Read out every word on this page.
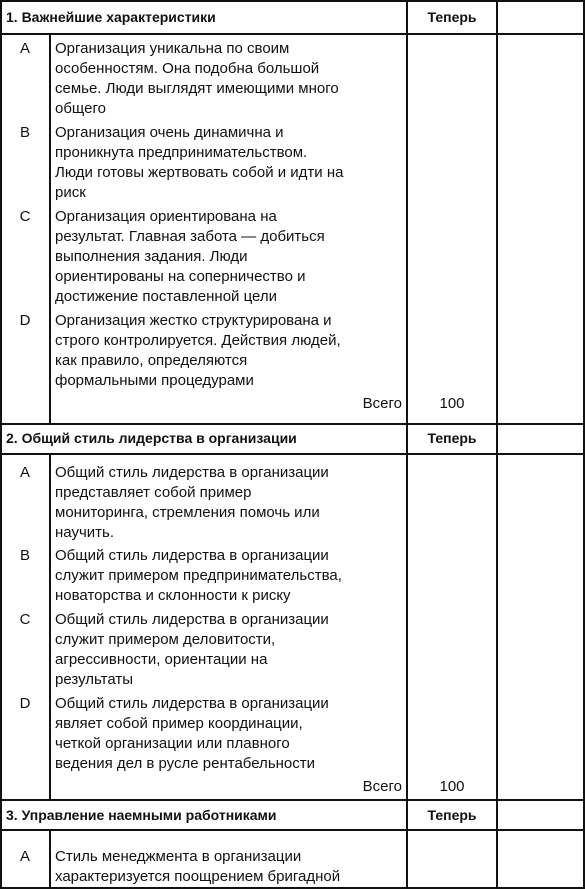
1. Важнейшие характеристики	Теперь
A	Организация уникальна по своим
особенностям. Она подобна большой
семье. Люди выглядят имеющими много
общего
B	Организация очень динамична и
проникнута предпринимательством.
Люди готовы жертвовать собой и идти на
риск
C	Организация ориентирована на
результат. Главная забота — добиться
выполнения задания. Люди
ориентированы на соперничество и
достижение поставленной цели
D	Организация жестко структурирована и
строго контролируется. Действия людей,
как правило, определяются
формальными процедурами
Всего	100
2. Общий стиль лидерства в организации	Теперь
A	Общий стиль лидерства в организации
представляет собой пример
мониторинга, стремления помочь или
научить.
B	Общий стиль лидерства в организации
служит примером предпринимательства,
новаторства и склонности к риску
C	Общий стиль лидерства в организации
служит примером деловитости,
агрессивности, ориентации на
результаты
D	Общий стиль лидерства в организации
являет собой пример координации,
четкой организации или плавного
ведения дел в русле рентабельности
Всего	100
3. Управление наемными работниками	Теперь
A	Стиль менеджмента в организации
характеризуется поощрением бригадной
